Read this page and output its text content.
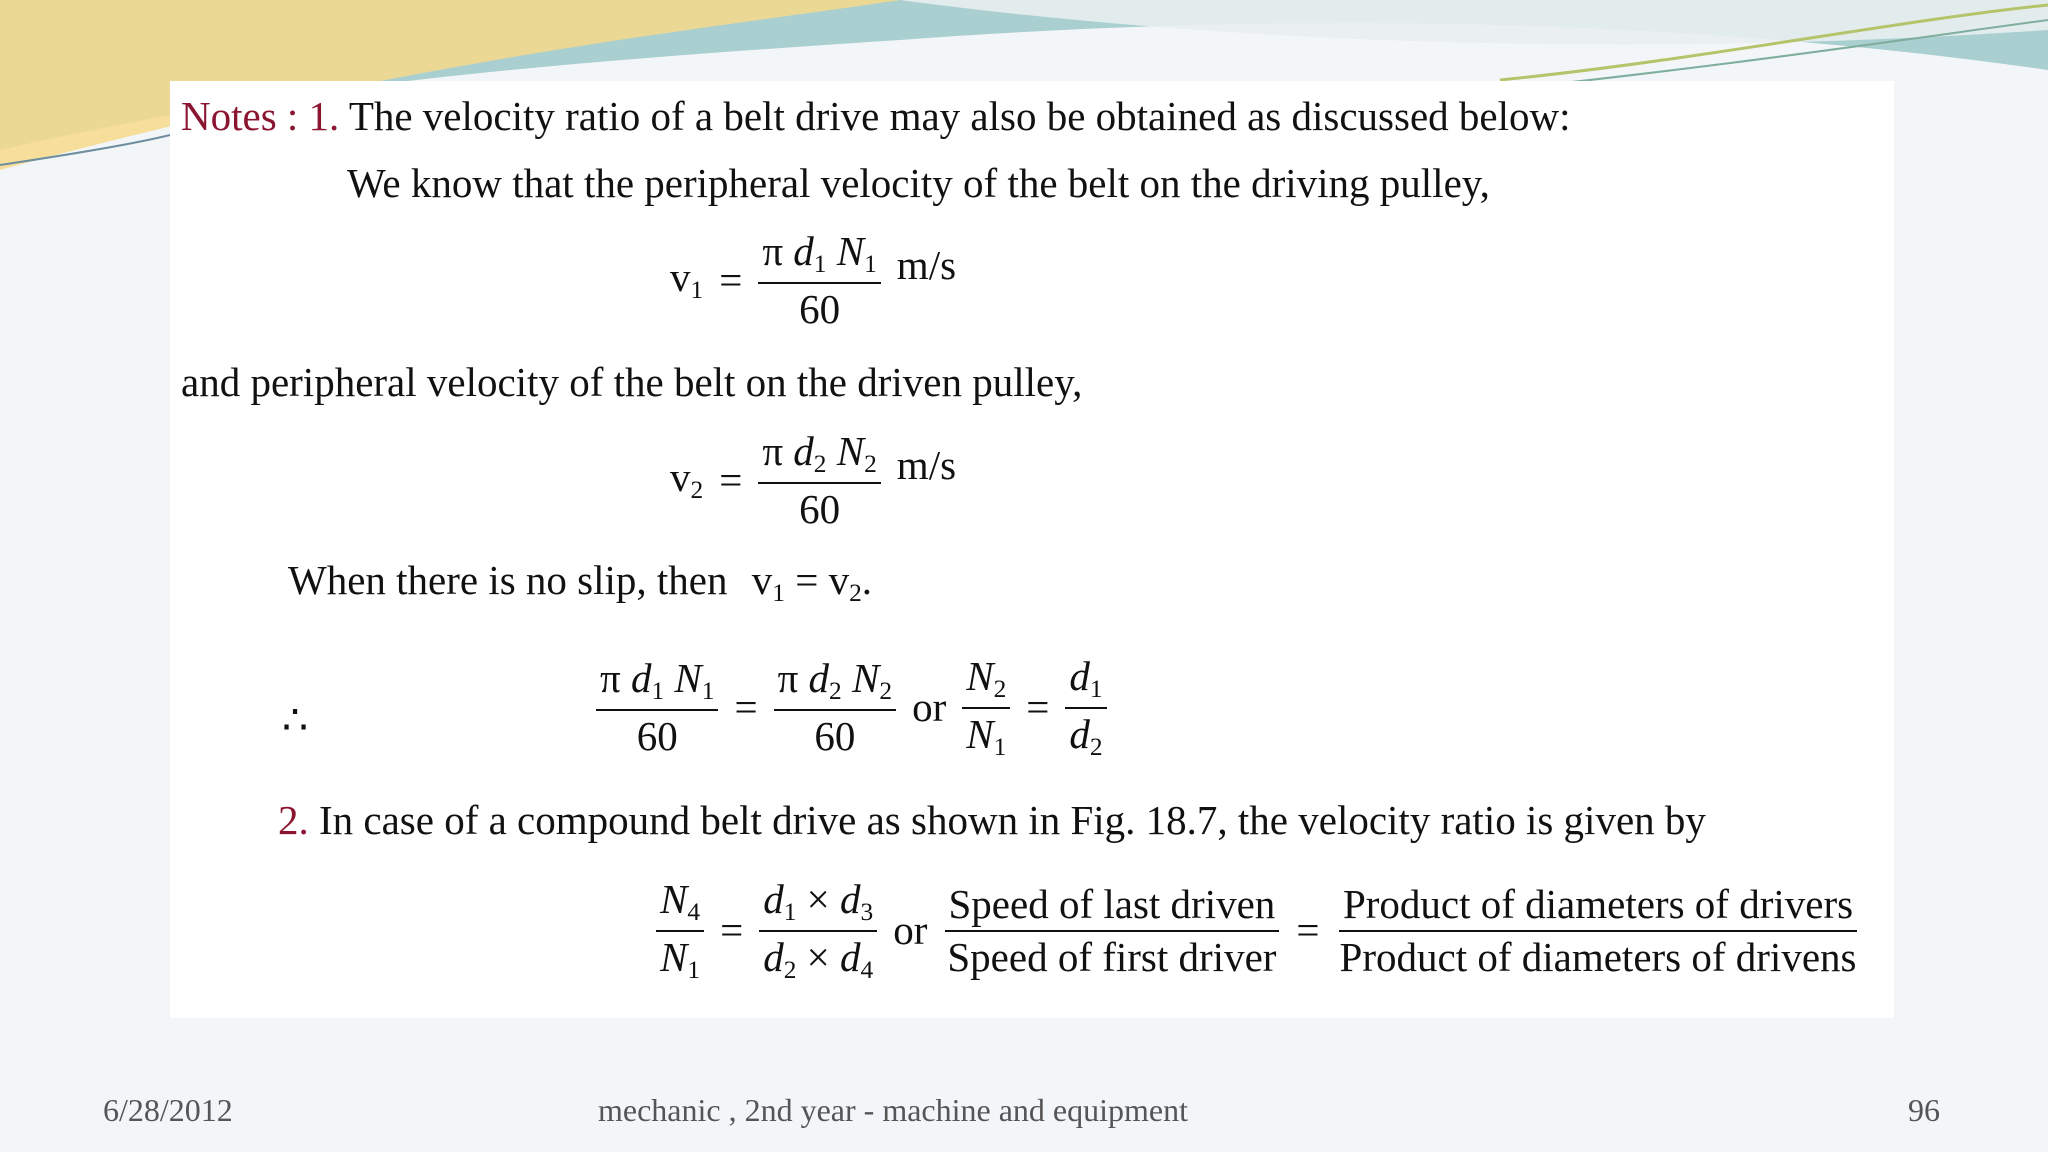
Notes : 1. The velocity ratio of a belt drive may also be obtained as discussed below:
We know that the peripheral velocity of the belt on the driving pulley,
$v_1 = \frac{\pi d_1 N_1}{60} m/s$
and peripheral velocity of the belt on the driven pulley,
$v_2 = \frac{\pi d_2 N_2}{60} m/s$
When there is no slip, then $v_1 = v_2$.
∴	$\frac{\pi d_1 N_1}{60} = \frac{\pi d_2 N_2}{60}$ or $\frac{N_2}{N_1} = \frac{d_1}{d_2}$
2. In case of a compound belt drive as shown in Fig. 18.7, the velocity ratio is given by
$\frac{N_4}{N_1} = \frac{d_1 \times d_3}{d_2 \times d_4}$ or $\frac{\text{Speed of last driven}}{\text{Speed of first driver}} = \frac{\text{Product of diameters of drivers}}{\text{Product of diameters of drivens}}$
6/28/2012	mechanic , 2nd year - machine and equipment	96
